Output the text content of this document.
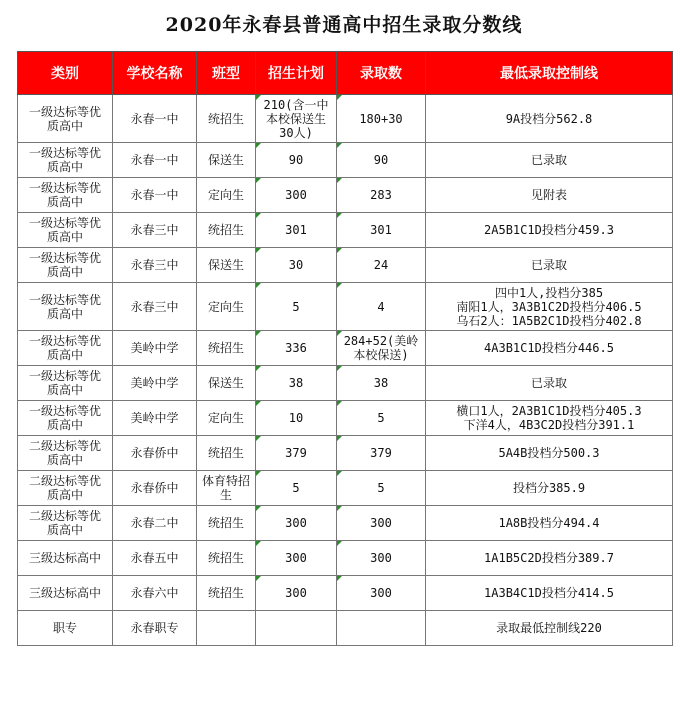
2020年永春县普通高中招生录取分数线
类别	学校名称	班型	招生计划	录取数	最低录取控制线

一级达标等优
质高中	永春一中	统招生	210(含一中
本校保送生
30人)	180+30	9A投档分562.8

一级达标等优
质高中	永春一中	保送生	90	90	已录取

一级达标等优
质高中	永春一中	定向生	300	283	见附表

一级达标等优
质高中	永春三中	统招生	301	301	2A5B1C1D投档分459.3

一级达标等优
质高中	永春三中	保送生	30	24	已录取

一级达标等优
质高中	永春三中	定向生	5	4	四中1人,投档分385
南阳1人，3A3B1C2D投档分406.5
乌石2人：1A5B2C1D投档分402.8

一级达标等优
质高中	美岭中学	统招生	336	284+52(美岭
本校保送)	4A3B1C1D投档分446.5

一级达标等优
质高中	美岭中学	保送生	38	38	已录取

一级达标等优
质高中	美岭中学	定向生	10	5	横口1人，2A3B1C1D投档分405.3
下洋4人，4B3C2D投档分391.1

二级达标等优
质高中	永春侨中	统招生	379	379	5A4B投档分500.3

二级达标等优
质高中	永春侨中	体育特招
生	5	5	投档分385.9

二级达标等优
质高中	永春二中	统招生	300	300	1A8B投档分494.4

三级达标高中	永春五中	统招生	300	300	1A1B5C2D投档分389.7

三级达标高中	永春六中	统招生	300	300	1A3B4C1D投档分414.5

职专	永春职专				录取最低控制线220
